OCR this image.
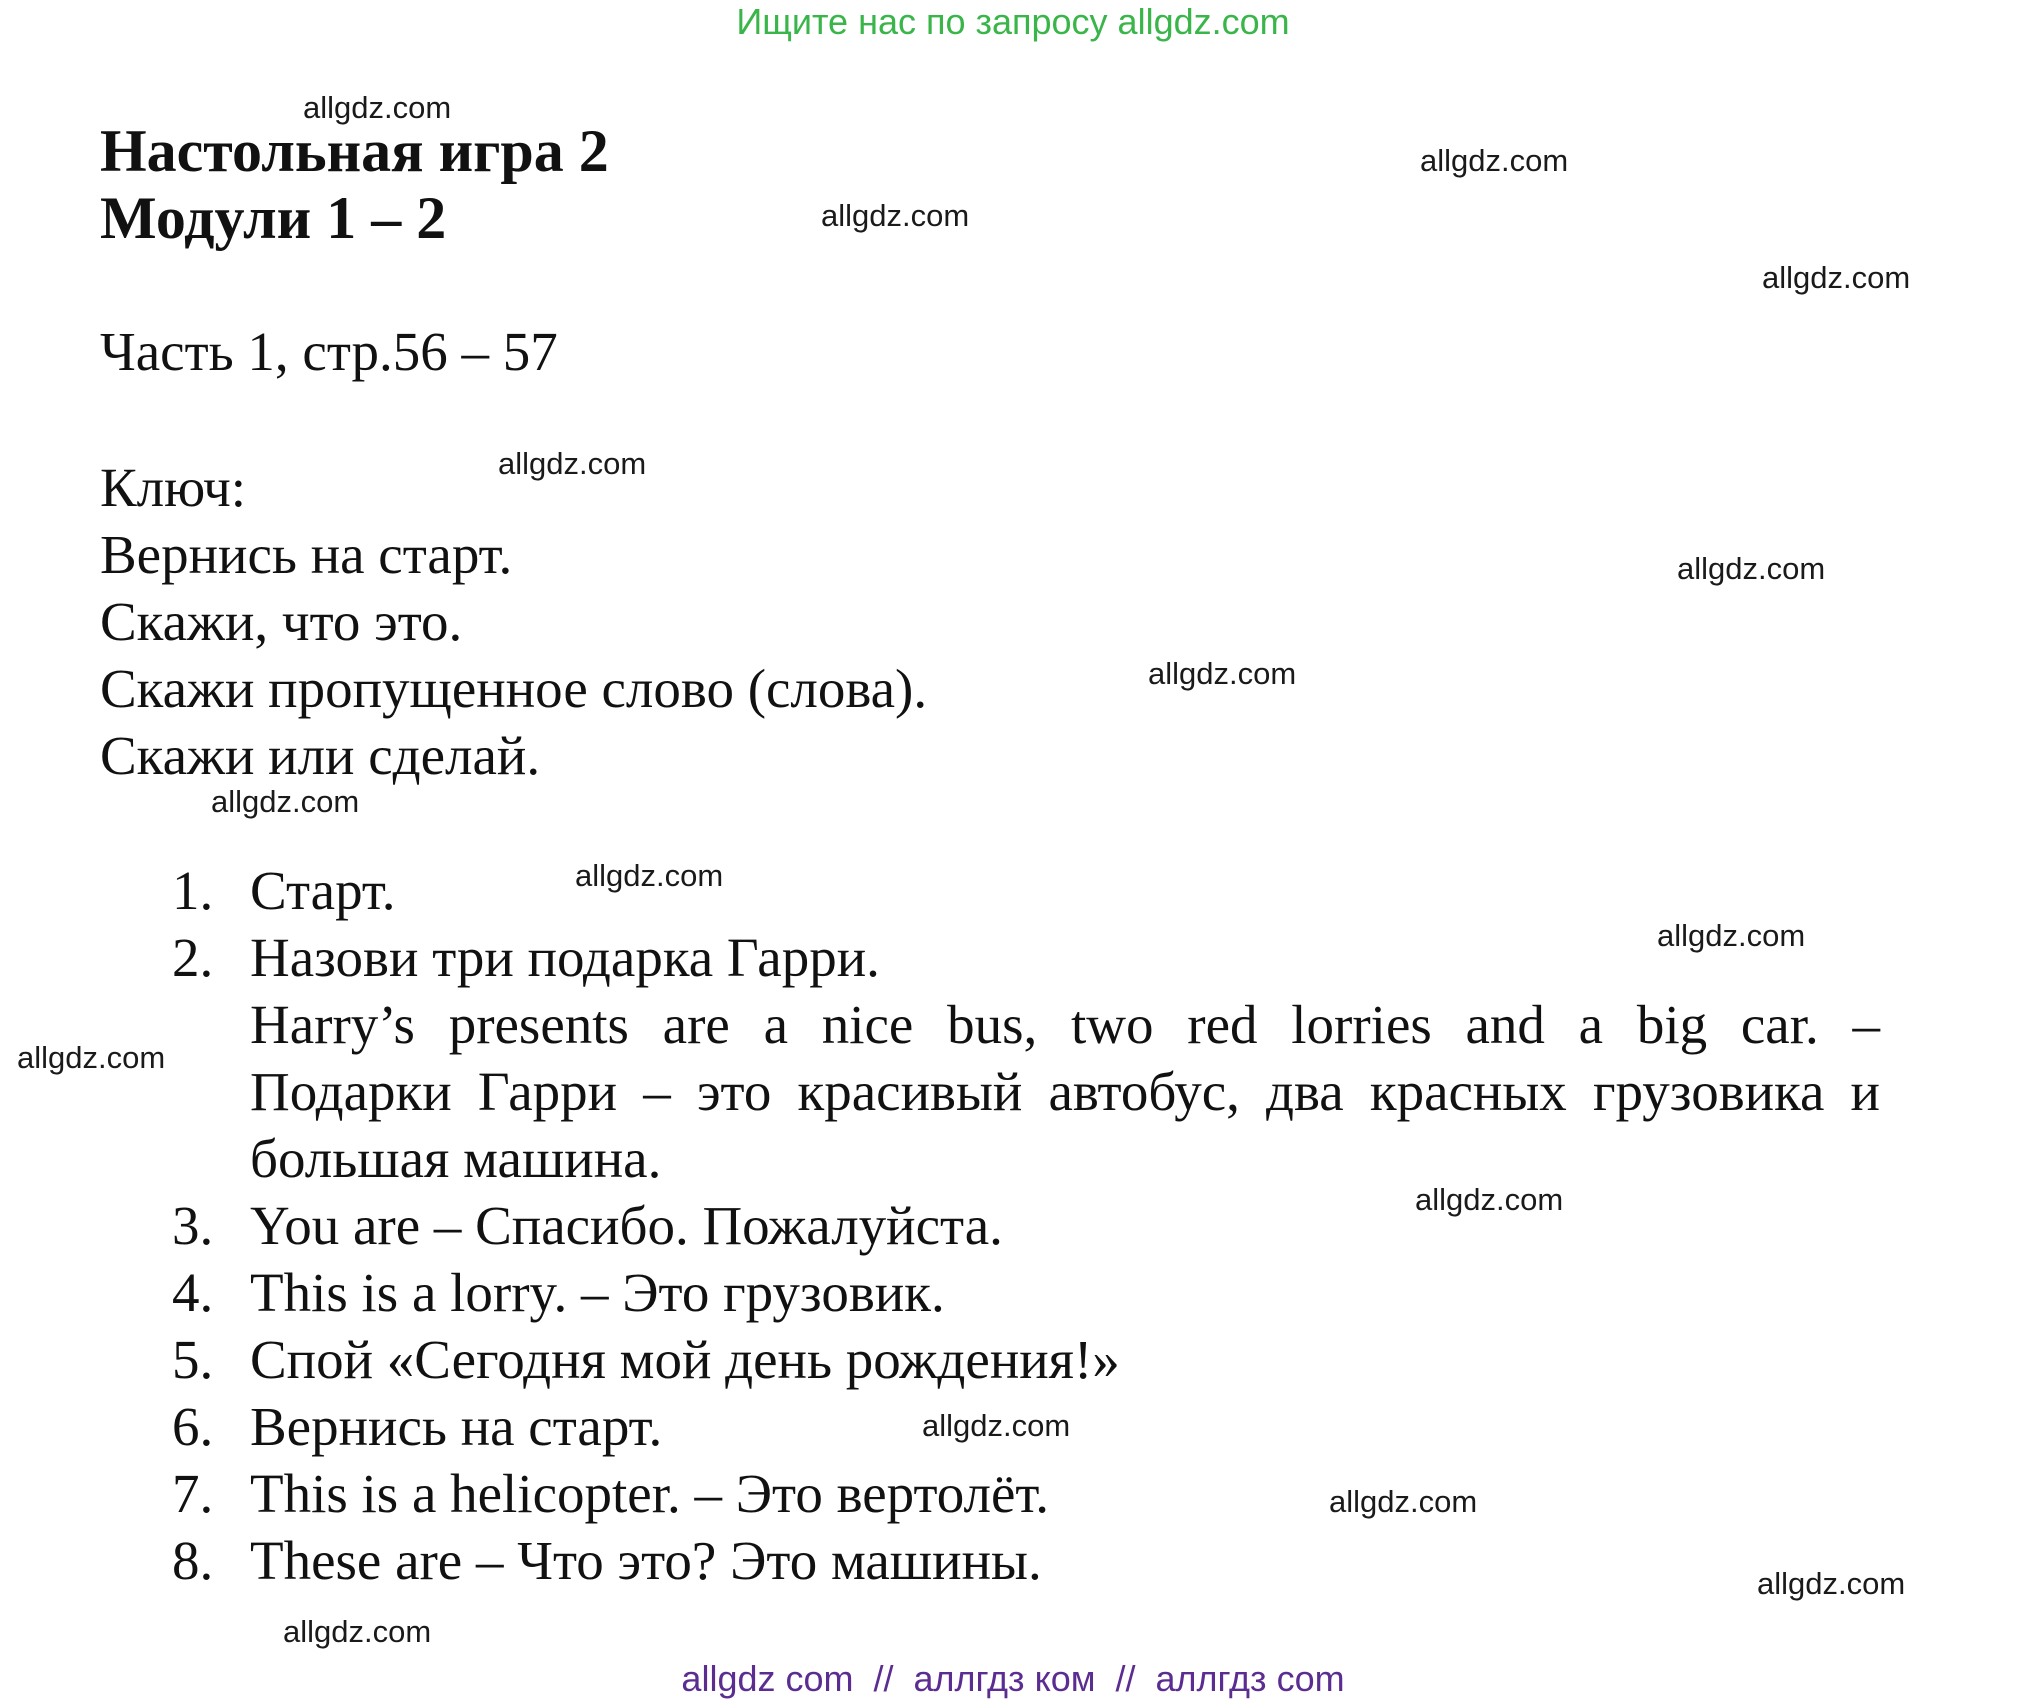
Ищите нас по запросу allgdz.com
allgdz.com
allgdz.com
allgdz.com
allgdz.com
allgdz.com
allgdz.com
allgdz.com
allgdz.com
allgdz.com
allgdz.com
allgdz.com
allgdz.com
allgdz.com
allgdz.com
allgdz.com
allgdz.com
Настольная игра 2
Модули 1 – 2
Часть 1, стр.56 – 57
Ключ:
Вернись на старт.
Скажи, что это.
Скажи пропущенное слово (слова).
Скажи или сделай.
1. Старт.
2. Назови три подарка Гарри.
Harry’s presents are a nice bus, two red lorries and a big car. –
Подарки Гарри – это красивый автобус, два красных грузовика и
большая машина.
3. You are – Спасибо. Пожалуйста.
4. This is a lorry. – Это грузовик.
5. Спой «Сегодня мой день рождения!»
6. Вернись на старт.
7. This is a helicopter. – Это вертолёт.
8. These are – Что это? Это машины.
allgdz com  //  аллгдз ком  //  аллгдз com
